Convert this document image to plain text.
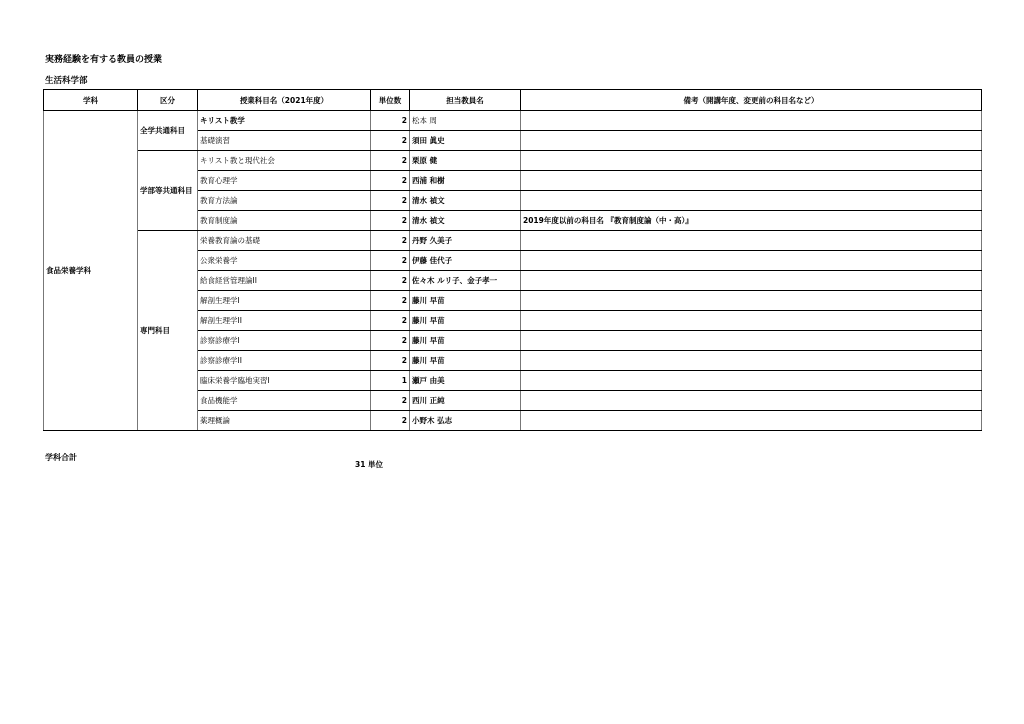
実務経験を有する教員の授業
生活科学部
学科	区分	授業科目名（2021年度）	単位数	担当教員名	備考（開講年度、変更前の科目名など）
食品栄養学科	全学共通科目	キリスト教学	2	松本 周	
		基礎演習	2	須田 眞史	
	学部等共通科目	キリスト教と現代社会	2	栗原 健	
		教育心理学	2	西浦 和樹	
		教育方法論	2	清水 禎文	
		教育制度論	2	清水 禎文	2019年度以前の科目名 『教育制度論（中・高）』
	専門科目	栄養教育論の基礎	2	丹野 久美子	
		公衆栄養学	2	伊藤 佳代子	
		給食経営管理論II	2	佐々木 ルリ子、金子孝一	
		解剖生理学I	2	藤川 早苗	
		解剖生理学II	2	藤川 早苗	
		診察診療学I	2	藤川 早苗	
		診察診療学II	2	藤川 早苗	
		臨床栄養学臨地実習I	1	瀬戸 由美	
		食品機能学	2	西川 正純	
		薬理概論	2	小野木 弘志	
学科合計
31 単位
